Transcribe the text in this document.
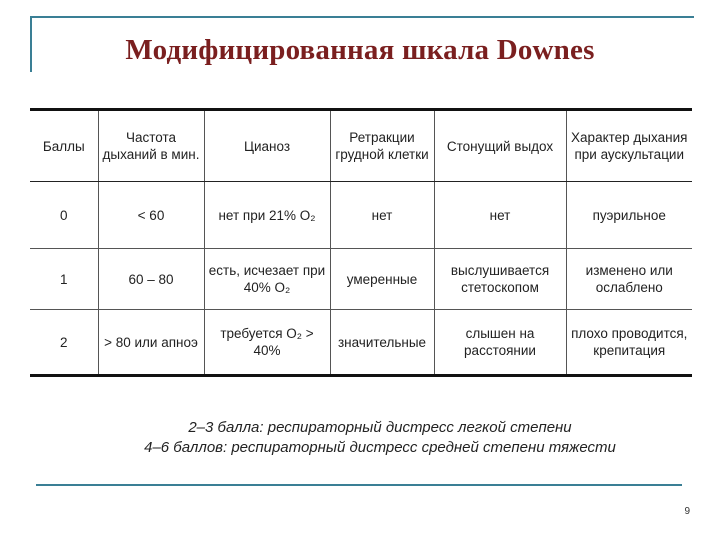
Модифицированная шкала Downes
Баллы	Частота дыханий в мин.	Цианоз	Ретракции грудной клетки	Стонущий выдох	Характер дыхания при аускультации
0	< 60	нет при 21% O₂	нет	нет	пуэрильное
1	60 – 80	есть, исчезает при 40% O₂	умеренные	выслушивается стетоскопом	изменено или ослаблено
2	> 80 или апноэ	требуется O₂ > 40%	значительные	слышен на расстоянии	плохо проводится, крепитация
2–3 балла: респираторный дистресс легкой степени
4–6 баллов: респираторный дистресс средней степени тяжести
9
